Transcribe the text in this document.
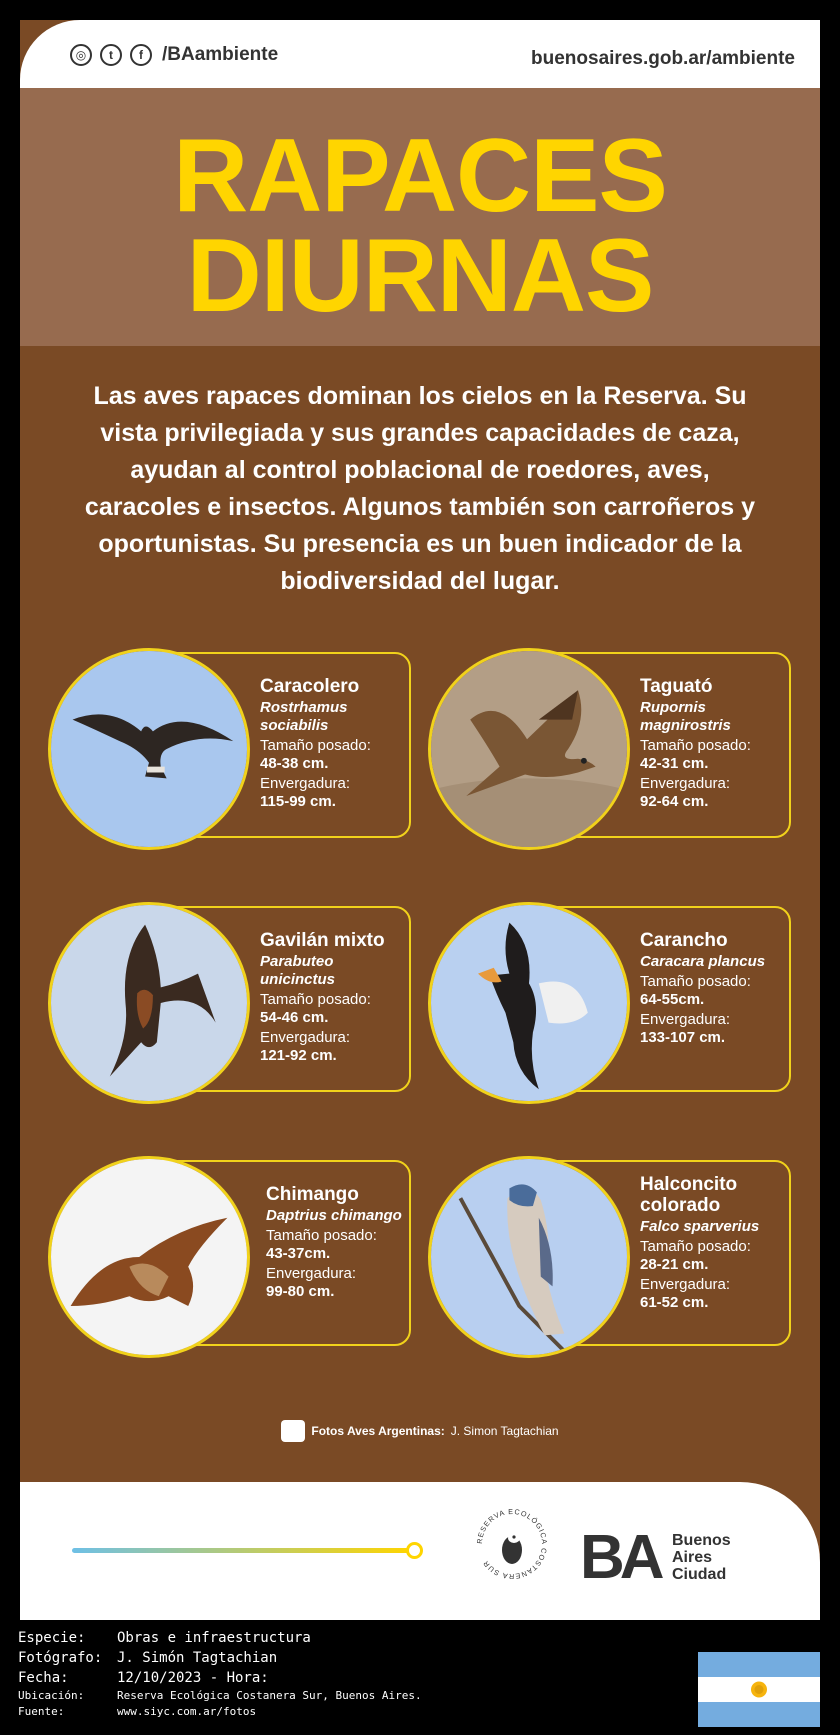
◎	t	f	/BAambiente	buenosaires.gob.ar/ambiente
RAPACES
DIURNAS
Las aves rapaces dominan los cielos en la Reserva. Su vista privilegiada y sus grandes capacidades de caza, ayudan al control poblacional de roedores, aves, caracoles e insectos. Algunos también son carroñeros y oportunistas. Su presencia es un buen indicador de la biodiversidad del lugar.
Caracolero
Rostrhamus sociabilis
Tamaño posado:
48-38 cm.
Envergadura:
115-99 cm.
Taguató
Rupornis magnirostris
Tamaño posado:
42-31 cm.
Envergadura:
92-64 cm.
Gavilán mixto
Parabuteo unicinctus
Tamaño posado:
54-46 cm.
Envergadura:
121-92 cm.
Carancho
Caracara plancus
Tamaño posado:
64-55cm.
Envergadura:
133-107 cm.
Chimango
Daptrius chimango
Tamaño posado:
43-37cm.
Envergadura:
99-80 cm.
Halconcito colorado
Falco sparverius
Tamaño posado:
28-21 cm.
Envergadura:
61-52 cm.
Fotos Aves Argentinas: J. Simon Tagtachian
RESERVA ECOLÓGICA COSTANERA SUR	BA Buenos
Aires
Ciudad
Especie:	Obras e infraestructura
Fotógrafo:	J. Simón Tagtachian
Fecha:	12/10/2023 - Hora:
Ubicación:	Reserva Ecológica Costanera Sur, Buenos Aires.
Fuente:	www.siyc.com.ar/fotos
